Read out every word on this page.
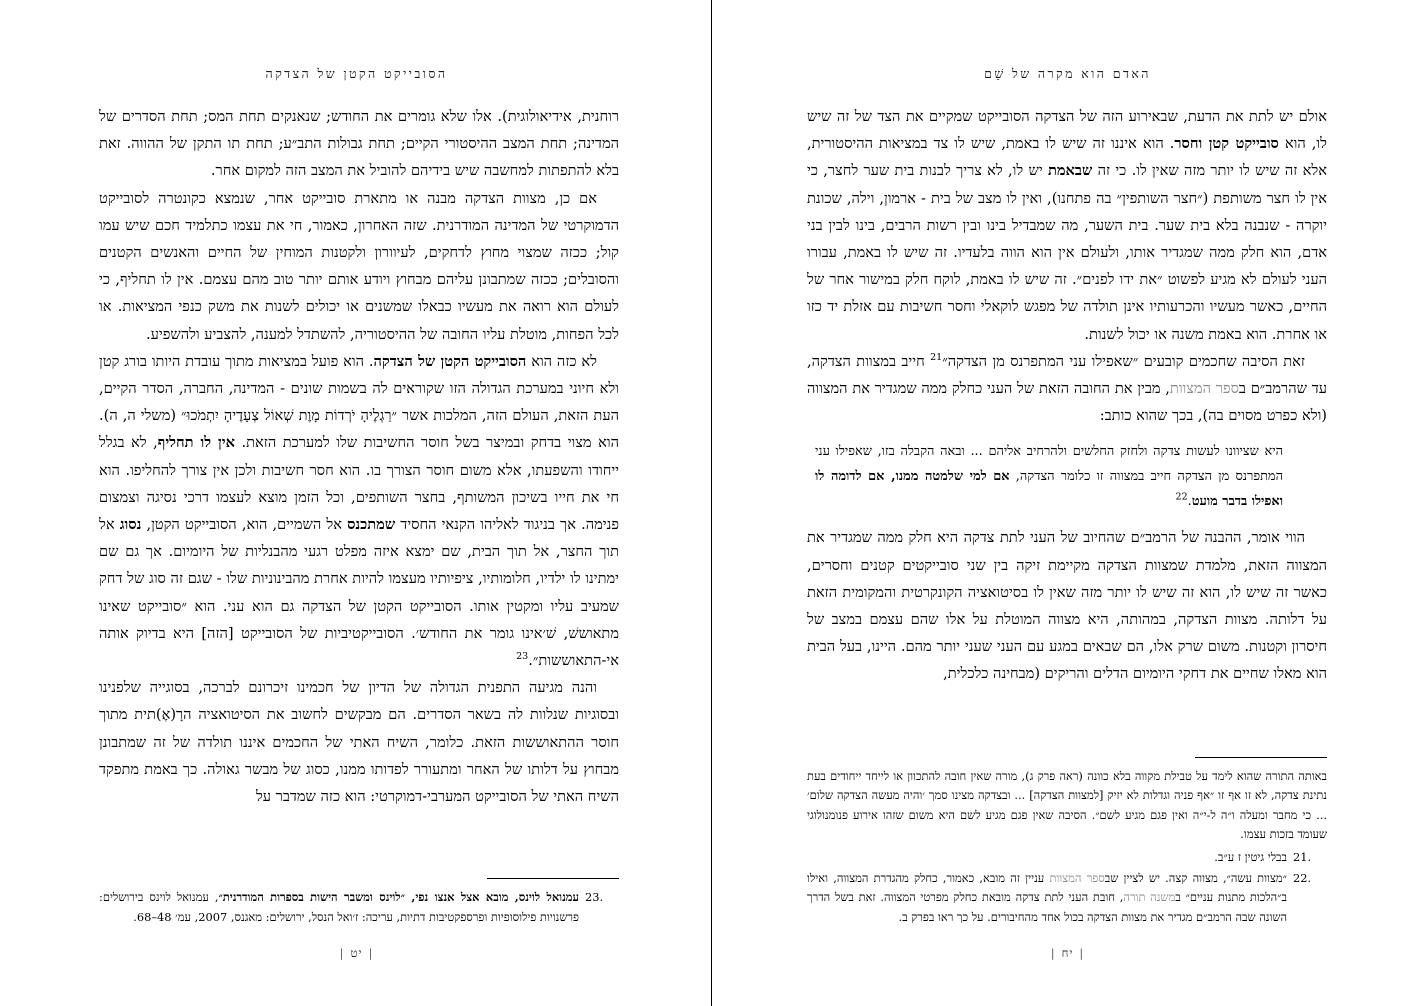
האדם הוא מקרה של שֵׁם

אולם יש לתת את הדעת, שבאירוע הזה של הצדקה הסובייקט שמקיים את הצד של זה שיש לו, הוא סובייקט קטן וחסר. הוא איננו זה שיש לו באמת, שיש לו צד במציאות ההיסטורית, אלא זה שיש לו יותר מזה שאין לו. כי זה שבאמת יש לו, לא צריך לבנות בית שער לחצר, כי אין לו חצר משותפת (״חצר השותפין״ בה פתחנו), ואין לו מצב של בית - ארמון, וילה, שכונת יוקרה - שנבנה בלא בית שער. בית השער, מה שמבדיל בינו ובין רשות הרבים, בינו לבין בני אדם, הוא חלק ממה שמגדיר אותו, ולעולם אין הוא הווה בלעדיו. זה שיש לו באמת, עבורו העני לעולם לא מגיע לפשוט ״את ידו לפנים״. זה שיש לו באמת, לוקח חלק במישור אחר של החיים, כאשר מעשיו והכרעותיו אינן תולדה של מפגש לוקאלי וחסר חשיבות עם אזלת יד כזו או אחרת. הוא באמת משנה או יכול לשנות.

זאת הסיבה שחכמים קובעים ״שאפילו עני המתפרנס מן הצדקה״$^{21}$ חייב במצוות הצדקה, עד שהרמב״ם בספר המצוות, מבין את החובה הזאת של העני כחלק ממה שמגדיר את המצווה (ולא כפרט מסוים בה), בכך שהוא כותב:

היא שציוונו לעשות צדקה ולחזק החלשים ולהרחיב אליהם ... ובאה הקבלה בזו, שאפילו עני המתפרנס מן הצדקה חייב במצווה זו כלומר הצדקה, אם למי שלמטה ממנו, אם לדומה לו ואפילו בדבר מועט.$^{22}$

הווי אומר, ההבנה של הרמב״ם שהחיוב של העני לתת צדקה היא חלק ממה שמגדיר את המצווה הזאת, מלמדת שמצוות הצדקה מקיימת זיקה בין שני סובייקטים קטנים וחסרים, כאשר זה שיש לו, הוא זה שיש לו יותר מזה שאין לו בסיטואציה הקונקרטית והמקומית הזאת על דלותה. מצוות הצדקה, במהותה, היא מצווה המוטלת על אלו שהם עצמם במצב של חיסרון וקטנות. משום שרק אלו, הם שבאים במגע עם העני שעני יותר מהם. היינו, בעל הבית הוא מאלו שחיים את דחקי היומיום הדלים והריקים (מבחינה כלכלית,

באותה התורה שהוא לימד על טבילת מקווה בלא כוונה (ראה פרק ג), מורה שאין חובה להתכוון או לייחד ייחודים בעת נתינת צדקה, לא זו אף זו ״אף פניה וגדלות לא יזיק [למצוות הצדקה] ... ובצדקה מצינו סמך ׳והיה מעשה הצדקה שלום׳ ... כי מחבר ומעלה ו״ה ל-י״ה ואין פגם מגיע לשם״. הסיבה שאין פגם מגיע לשם היא משום שזהו אירוע פנומנולוגי שעומד בזכות עצמו.
21.
בבלי גיטין ז ע״ב.
22.
״מצוות עשה״, מצווה קצה. יש לציין שבספר המצוות עניין זה מובא, כאמור, כחלק מהגדרת המצווה, ואילו ב״הלכות מתנות עניים״ במשנה תורה, חובת העני לתת צדקה מובאת כחלק מפרטי המצווה. זאת בשל הדרך השונה שבה הרמב״ם מגדיר את מצוות הצדקה בכול אחד מהחיבורים. על כך ראו בפרק ב.
|יח|
הסובייקט הקטן של הצדקה

רוחנית, אידיאולוגית). אלו שלא גומרים את החודש; שנאנקים תחת המס; תחת הסדרים של המדינה; תחת המצב ההיסטורי הקיים; תחת גבולות התב״ע; תחת תו התקן של ההווה. זאת בלא להתפתות למחשבה שיש בידיהם להוביל את המצב הזה למקום אחר.

אם כן, מצוות הצדקה מבנה או מתארת סובייקט אחר, שנמצא כקונטרה לסובייקט הדמוקרטי של המדינה המודרנית. שזה האחרון, כאמור, חי את עצמו כתלמיד חכם שיש עמו קול; ככזה שמצוי מחוץ לדחקים, לעיוורון ולקטנות המוחין של החיים והאנשים הקטנים והסובלים; ככזה שמתבונן עליהם מבחוץ ויודע אותם יותר טוב מהם עצמם. אין לו תחליף, כי לעולם הוא רואה את מעשיו כבאלו שמשנים או יכולים לשנות את משק כנפי המציאות. או לכל הפחות, מוטלת עליו החובה של ההיסטוריה, להשתדל למענה, להצביע ולהשפיע.

לא כזה הוא הסובייקט הקטן של הצדקה. הוא פועל במציאות מתוך עובדת היותו בורג קטן ולא חיוני במערכת הגדולה הזו שקוראים לה בשמות שונים - המדינה, החברה, הסדר הקיים, העת הזאת, העולם הזה, המלכות אשר ״רַגְלֶיהָ יֹרְדוֹת מָוֶת שְׁאוֹל צְעָדֶיהָ יִתְמֹכוּ״ (משלי ה, ה). הוא מצוי בדחק ובמיצר בשל חוסר החשיבות שלו למערכת הזאת. אין לו תחליף, לא בגלל ייחודו והשפעתו, אלא משום חוסר הצורך בו. הוא חסר חשיבות ולכן אין צורך להחליפו. הוא חי את חייו בשיכון המשותף, בחצר השותפים, וכל הזמן מוצא לעצמו דרכי נסיגה וצמצום פנימה. אך בניגוד לאליהו הקנאי החסיד שמתכנס אל השמיים, הוא, הסובייקט הקטן, נסוג אל תוך החצר, אל תוך הבית, שם ימצא איזה מפלט רגעי מהבנליות של היומיום. אך גם שם ימתינו לו ילדיו, חלומותיו, ציפיותיו מעצמו להיות אחרת מהבינוניות שלו - שגם זה סוג של דחק שמעיב עליו ומקטין אותו. הסובייקט הקטן של הצדקה גם הוא עני. הוא ״סובייקט שאינו מתאוששׁ, שׁ׳אינו גומר את החודש׳. הסובייקטיביות של הסובייקט [הזה] היא בדיוק אותה אי-התאוששות״.$^{23}$

והנה מגיעה התפנית הגדולה של הדיון של חכמינו זיכרונם לברכה, בסוגייה שלפנינו ובסוגיות שנלוות לה בשאר הסדרים. הם מבקשים לחשוב את הסיטואציה הרָ(אֶ)תית מתוך חוסר ההתאוששות הזאת. כלומר, השיח האתי של החכמים איננו תולדה של זה שמתבונן מבחוץ על דלותו של האחר ומתעורר לפדותו ממנו, כסוג של מבשר גאולה. כך באמת מתפקד השיח האתי של הסובייקט המערבי-דמוקרטי: הוא כזה שמדבר על

23.
עמנואל לוינס, מובא אצל אנצו נפי, ״לוינס ומשבר הישות בספרות המודרנית״, עמנואל לוינס בירושלים: פרשנויות פילוסופיות ופרספקטיבות דתיות, עריכה: ז׳ואל הנסל, ירושלים: מאגנס, 2007, עמ׳ 48–68.
|יט|
